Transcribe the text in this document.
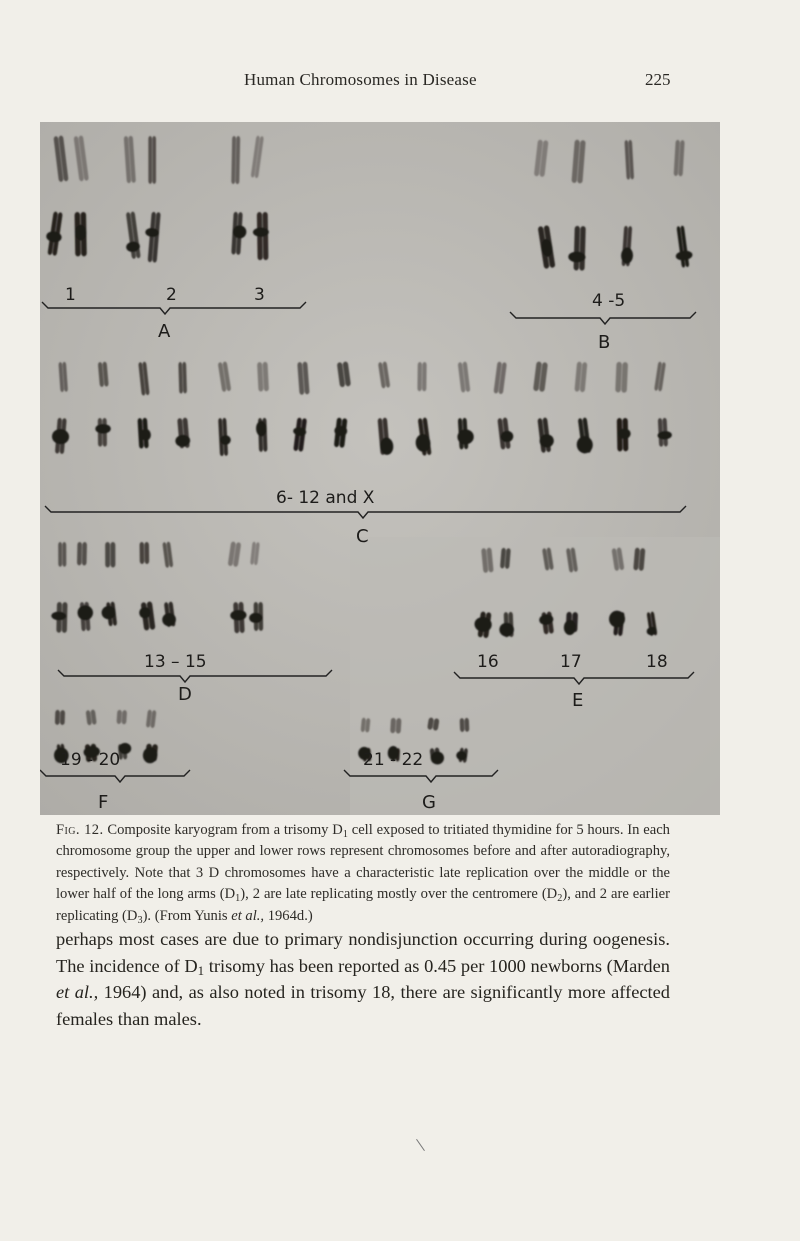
Human Chromosomes in Disease	225
1	2	3
A
4 -5
B
6- 12 and X
C
13 – 15
D
16	17	18
E
19 - 20
F
21 - 22
G
Fig. 12. Composite karyogram from a trisomy $D_1$ cell exposed to tritiated thymidine for 5 hours. In each chromosome group the upper and lower rows represent chromosomes before and after autoradiography, respectively. Note that 3 D chromosomes have a characteristic late replication over the middle or the lower half of the long arms $(D_1)$, 2 are late replicating mostly over the centromere $(D_2)$, and 2 are earlier replicating $(D_3)$. (From Yunis et al., 1964d.)
perhaps most cases are due to primary nondisjunction occurring during oogenesis. The incidence of $D_1$ trisomy has been reported as 0.45 per 1000 newborns (Marden et al., 1964) and, as also noted in trisomy 18, there are significantly more affected females than males.
